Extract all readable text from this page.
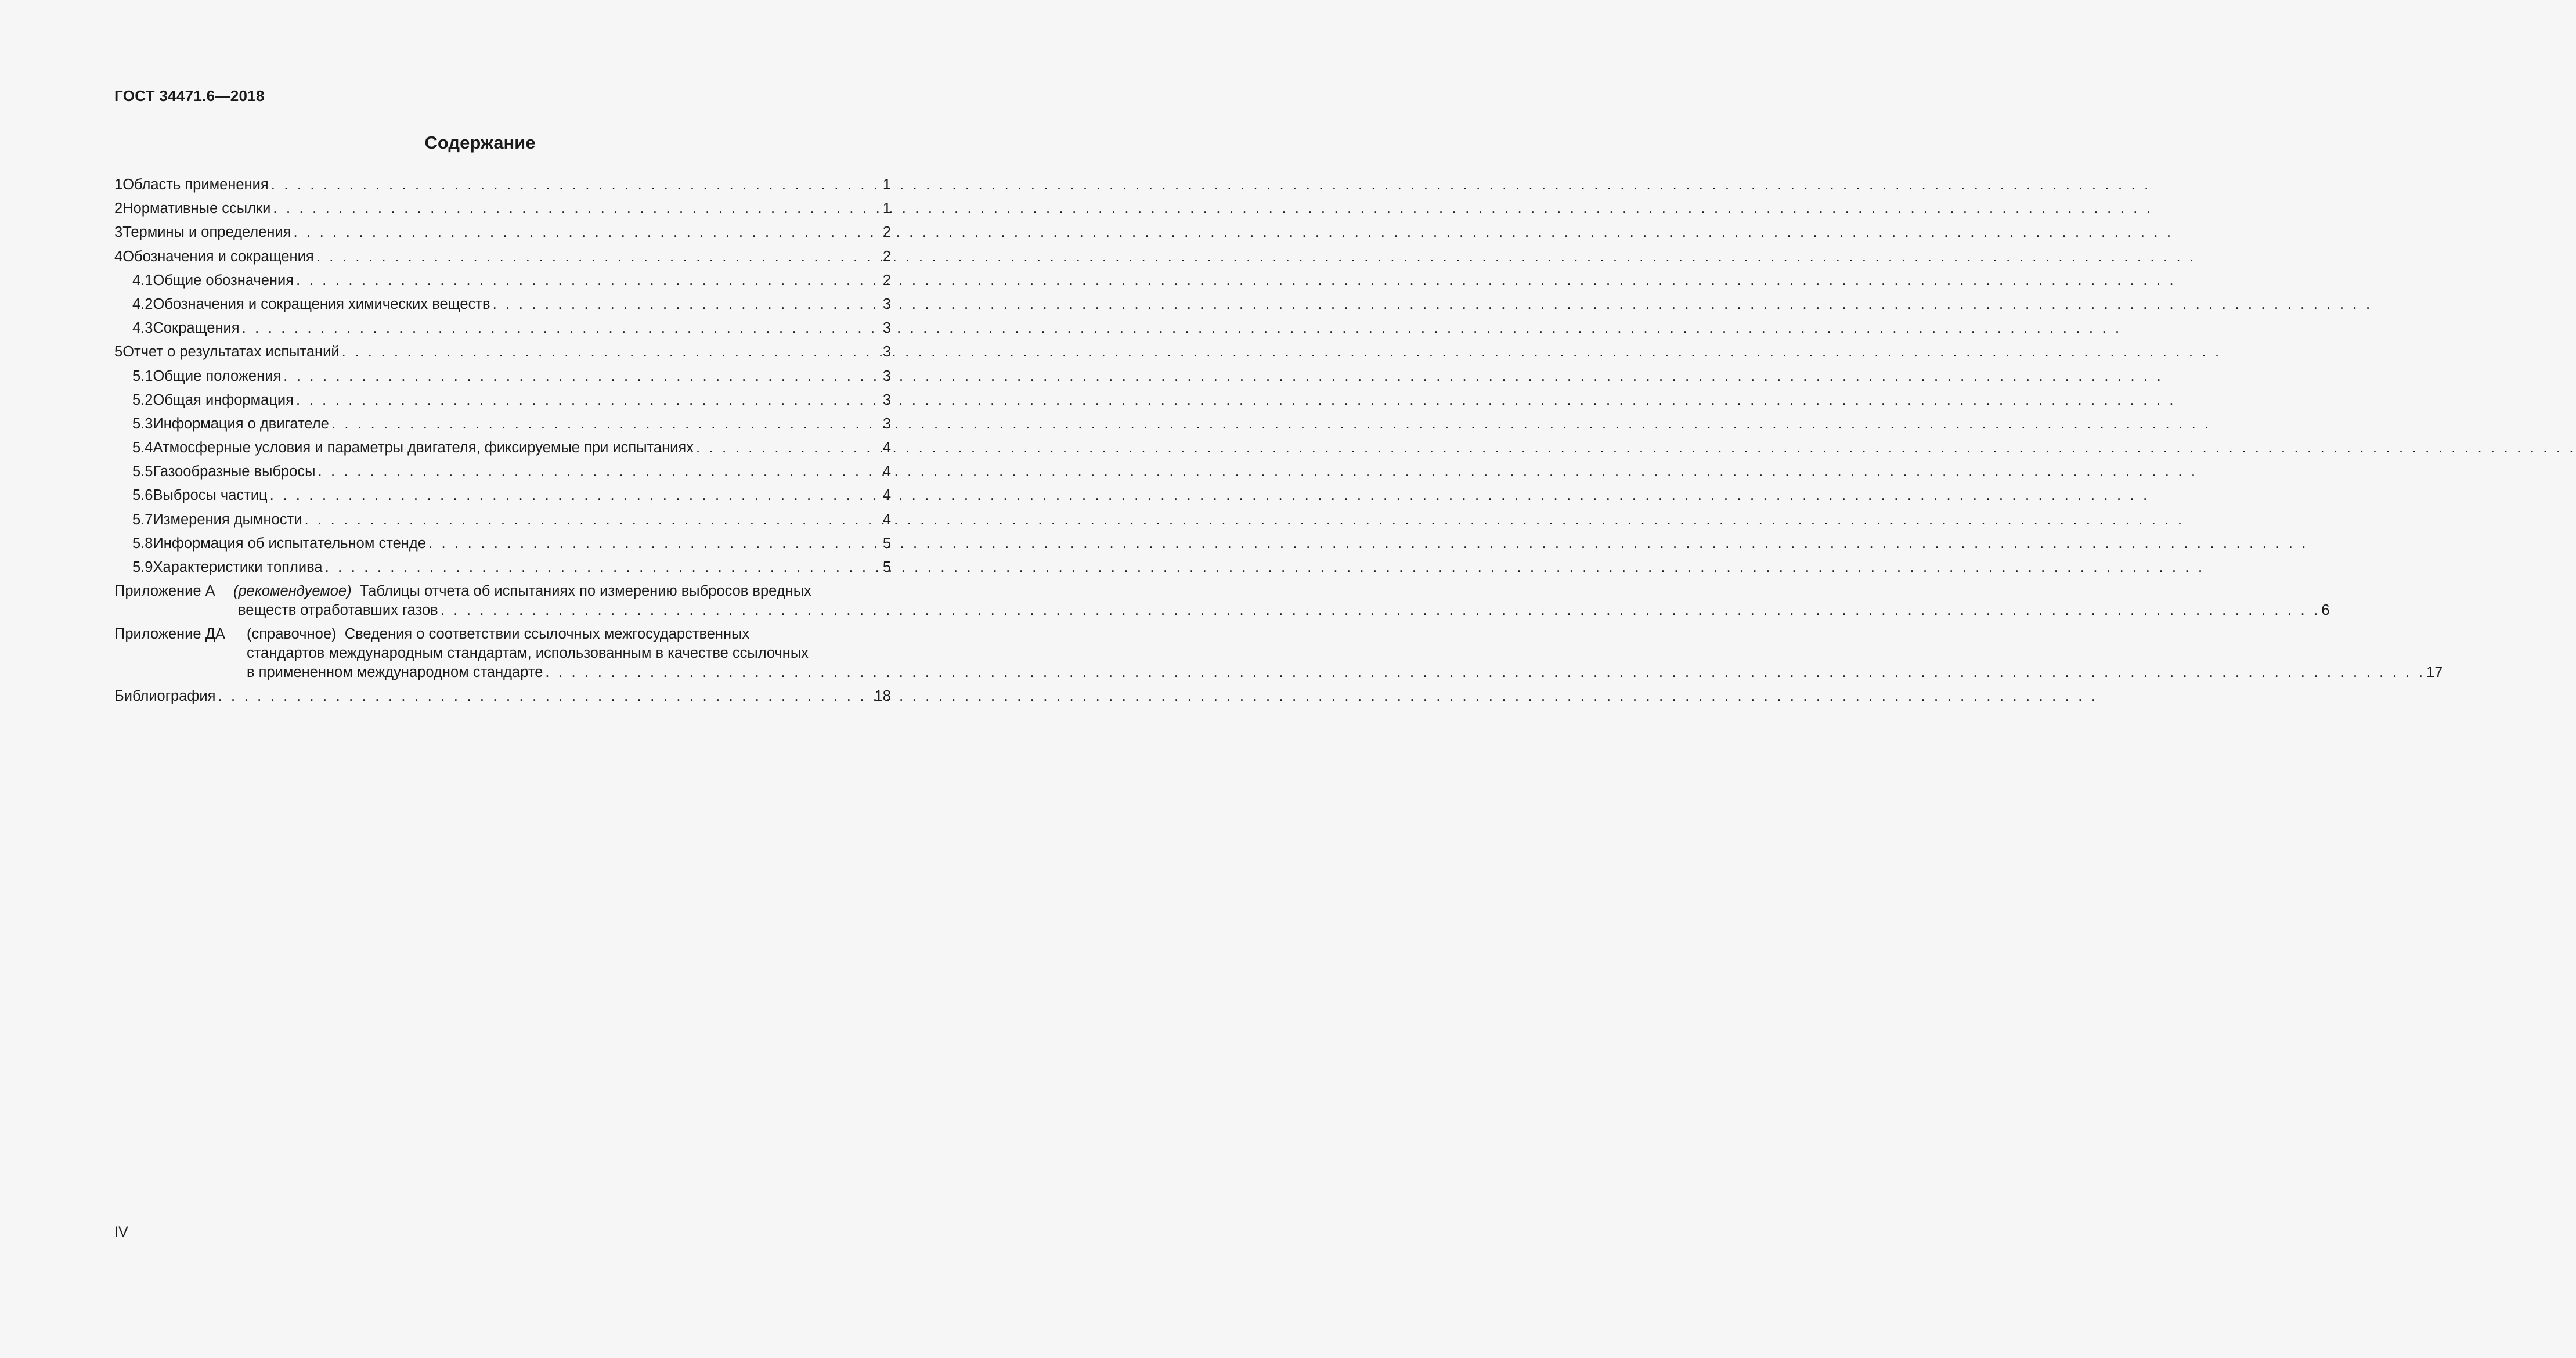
ГОСТ 34471.6—2018
Содержание
1 Область применения . . .	1
2 Нормативные ссылки . . .	1
3 Термины и определения . . .	2
4 Обозначения и сокращения . . .	2
4.1 Общие обозначения . . .	2
4.2 Обозначения и сокращения химических веществ . . .	3
4.3 Сокращения . . .	3
5 Отчет о результатах испытаний . . .	3
5.1 Общие положения . . .	3
5.2 Общая информация . . .	3
5.3 Информация о двигателе . . .	3
5.4 Атмосферные условия и параметры двигателя, фиксируемые при испытаниях . . .	4
5.5 Газообразные выбросы . . .	4
5.6 Выбросы частиц . . .	4
5.7 Измерения дымности . . .	4
5.8 Информация об испытательном стенде . . .	5
5.9 Характеристики топлива . . .	5
Приложение А	(рекомендуемое) Таблицы отчета об испытаниях по измерению выбросов вредных
веществ отработавших газов . . .	6
Приложение ДА	(справочное) Сведения о соответствии ссылочных межгосударственных
стандартов международным стандартам, использованным в качестве ссылочных
в примененном международном стандарте . . .	17
Библиография . . .	18
IV
